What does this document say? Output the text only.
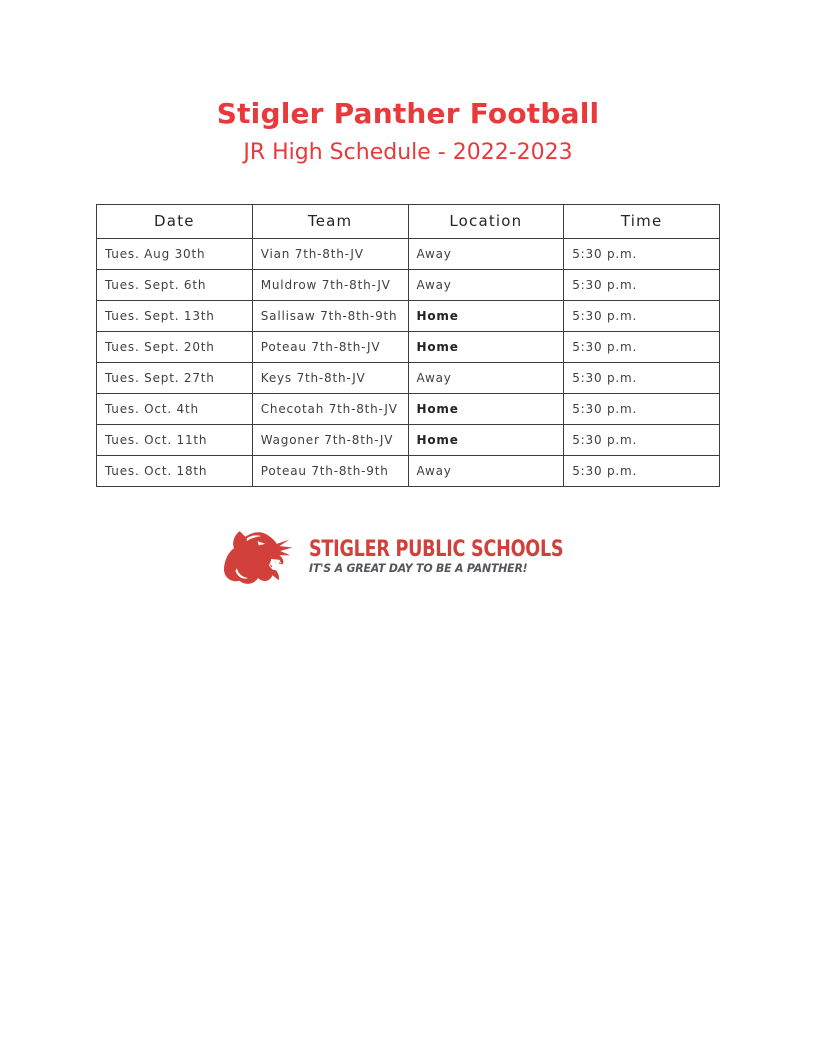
Stigler Panther Football
JR High Schedule - 2022-2023
Date	Team	Location	Time
Tues. Aug 30th	Vian 7th-8th-JV	Away	5:30 p.m.
Tues. Sept. 6th	Muldrow 7th-8th-JV	Away	5:30 p.m.
Tues. Sept. 13th	Sallisaw 7th-8th-9th	Home	5:30 p.m.
Tues. Sept. 20th	Poteau 7th-8th-JV	Home	5:30 p.m.
Tues. Sept. 27th	Keys 7th-8th-JV	Away	5:30 p.m.
Tues. Oct. 4th	Checotah 7th-8th-JV	Home	5:30 p.m.
Tues. Oct. 11th	Wagoner 7th-8th-JV	Home	5:30 p.m.
Tues. Oct. 18th	Poteau 7th-8th-9th	Away	5:30 p.m.
STIGLER PUBLIC SCHOOLS
IT'S A GREAT DAY TO BE A PANTHER!
